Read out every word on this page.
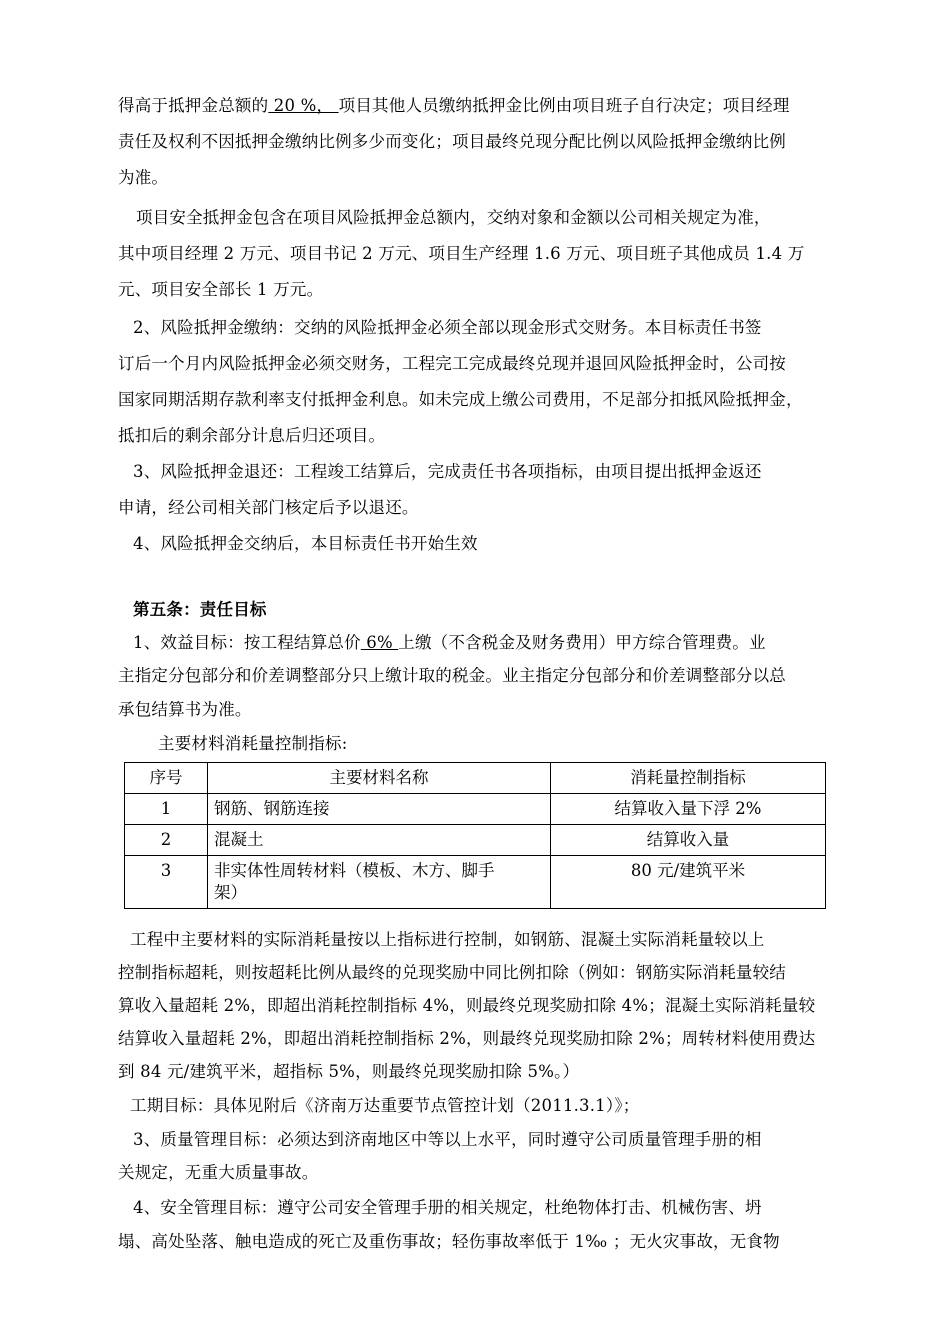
得高于抵押金总额的 20 %， 项目其他人员缴纳抵押金比例由项目班子自行决定；项目经理
责任及权利不因抵押金缴纳比例多少而变化；项目最终兑现分配比例以风险抵押金缴纳比例
为准。
项目安全抵押金包含在项目风险抵押金总额内，交纳对象和金额以公司相关规定为准，
其中项目经理 2 万元、项目书记 2 万元、项目生产经理 1.6 万元、项目班子其他成员 1.4 万
元、项目安全部长 1 万元。
2、风险抵押金缴纳：交纳的风险抵押金必须全部以现金形式交财务。本目标责任书签
订后一个月内风险抵押金必须交财务，工程完工完成最终兑现并退回风险抵押金时，公司按
国家同期活期存款利率支付抵押金利息。如未完成上缴公司费用，不足部分扣抵风险抵押金，
抵扣后的剩余部分计息后归还项目。
3、风险抵押金退还：工程竣工结算后，完成责任书各项指标，由项目提出抵押金返还
申请，经公司相关部门核定后予以退还。
4、风险抵押金交纳后，本目标责任书开始生效
第五条：责任目标
1、效益目标：按工程结算总价 6% 上缴（不含税金及财务费用）甲方综合管理费。业
主指定分包部分和价差调整部分只上缴计取的税金。业主指定分包部分和价差调整部分以总
承包结算书为准。
主要材料消耗量控制指标:
序号	主要材料名称	消耗量控制指标
1	钢筋、钢筋连接	结算收入量下浮 2%
2	混凝土	结算收入量
3	非实体性周转材料（模板、木方、脚手
架）	80 元/建筑平米
工程中主要材料的实际消耗量按以上指标进行控制，如钢筋、混凝土实际消耗量较以上
控制指标超耗，则按超耗比例从最终的兑现奖励中同比例扣除（例如：钢筋实际消耗量较结
算收入量超耗 2%，即超出消耗控制指标 4%，则最终兑现奖励扣除 4%；混凝土实际消耗量较
结算收入量超耗 2%，即超出消耗控制指标 2%，则最终兑现奖励扣除 2%；周转材料使用费达
到 84 元/建筑平米，超指标 5%，则最终兑现奖励扣除 5%。）
工期目标：具体见附后《济南万达重要节点管控计划（2011.3.1）》；
3、质量管理目标：必须达到济南地区中等以上水平，同时遵守公司质量管理手册的相
关规定，无重大质量事故。
4、安全管理目标：遵守公司安全管理手册的相关规定，杜绝物体打击、机械伤害、坍
塌、高处坠落、触电造成的死亡及重伤事故；轻伤事故率低于 1‰ ；无火灾事故，无食物
